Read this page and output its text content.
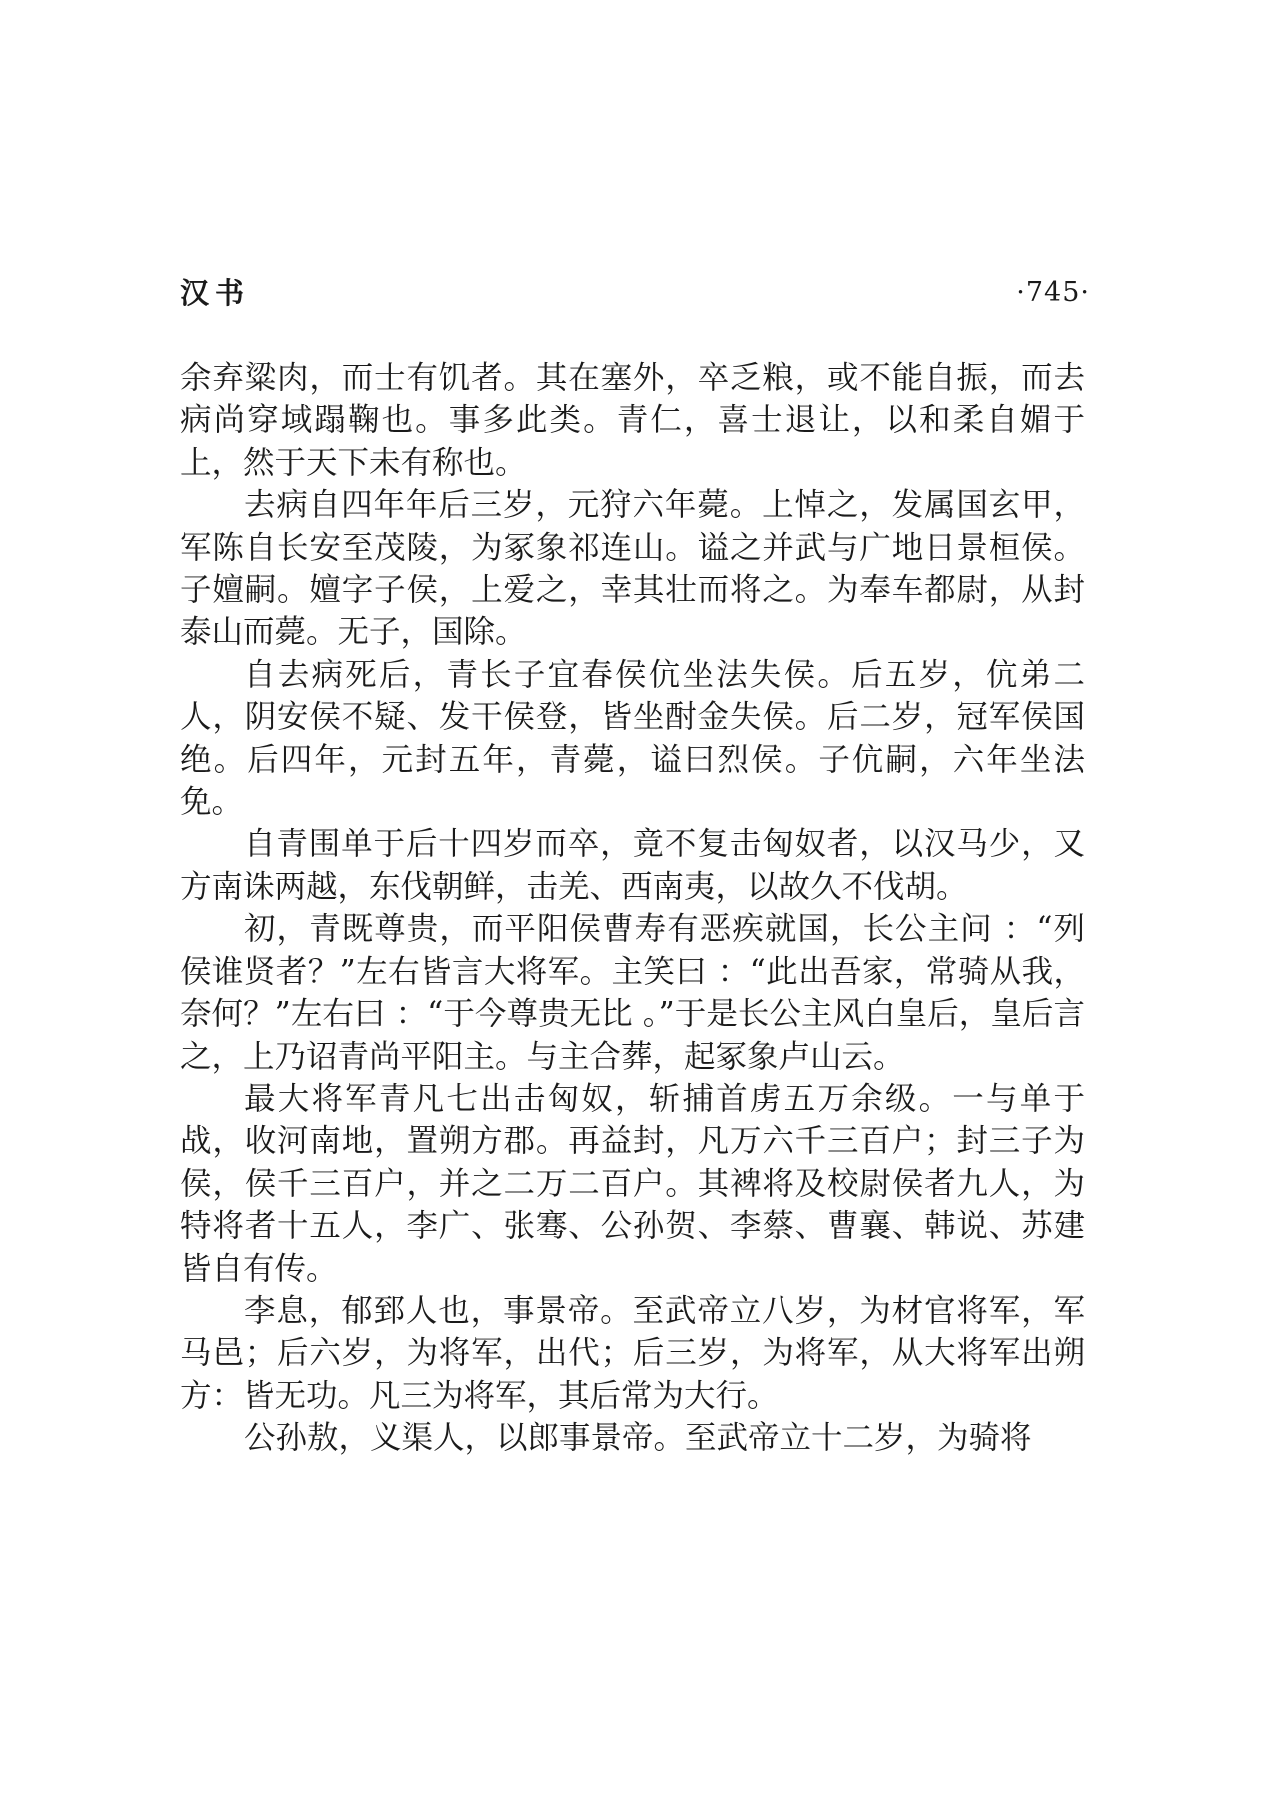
汉书	·745·

余弃粱肉，而士有饥者。其在塞外，卒乏粮，或不能自振，而去病尚穿域蹋鞠也。事多此类。青仁，喜士退让，以和柔自媚于上，然于天下未有称也。

去病自四年年后三岁，元狩六年薨。上悼之，发属国玄甲，军陈自长安至茂陵，为冢象祁连山。谥之并武与广地日景桓侯。子嬗嗣。嬗字子侯，上爱之，幸其壮而将之。为奉车都尉，从封泰山而薨。无子，国除。

自去病死后，青长子宜春侯伉坐法失侯。后五岁，伉弟二人，阴安侯不疑、发干侯登，皆坐酎金失侯。后二岁，冠军侯国绝。后四年，元封五年，青薨，谥曰烈侯。子伉嗣，六年坐法免。

自青围单于后十四岁而卒，竟不复击匈奴者，以汉马少，又方南诛两越，东伐朝鲜，击羌、西南夷，以故久不伐胡。

初，青既尊贵，而平阳侯曹寿有恶疾就国，长公主问 ：“列侯谁贤者？”左右皆言大将军。主笑曰 ：“此出吾家，常骑从我，奈何？”左右曰 ：“于今尊贵无比 。”于是长公主风白皇后，皇后言之，上乃诏青尚平阳主。与主合葬，起冢象卢山云。

最大将军青凡七出击匈奴，斩捕首虏五万余级。一与单于战，收河南地，置朔方郡。再益封，凡万六千三百户；封三子为侯，侯千三百户，并之二万二百户。其裨将及校尉侯者九人，为特将者十五人，李广、张骞、公孙贺、李蔡、曹襄、韩说、苏建皆自有传。

李息，郁郅人也，事景帝。至武帝立八岁，为材官将军，军马邑；后六岁，为将军，出代；后三岁，为将军，从大将军出朔方：皆无功。凡三为将军，其后常为大行。

公孙敖，义渠人，以郎事景帝。至武帝立十二岁，为骑将
